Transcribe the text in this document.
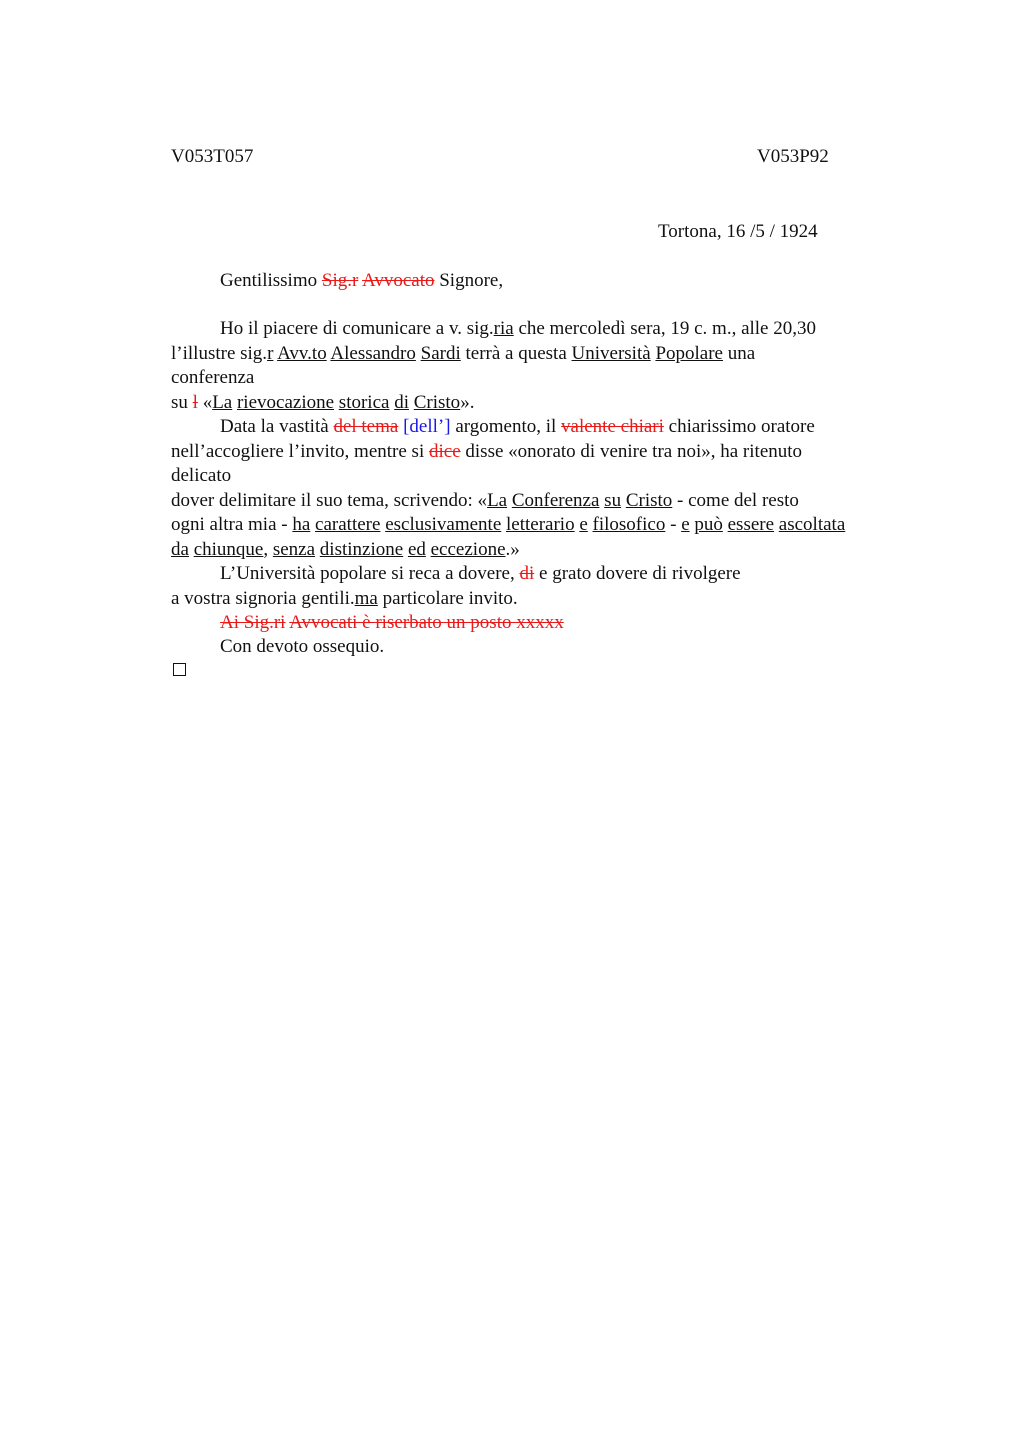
V053T057	V053P92
Tortona, 16 /5 / 1924
Gentilissimo Sig.r Avvocato Signore,
Ho il piacere di comunicare a v. sig.ria che mercoledì sera, 19 c. m., alle 20,30
l’illustre sig.r Avv.to Alessandro Sardi terrà a questa Università Popolare una
conferenza
su l «La rievocazione storica di Cristo».
Data la vastità del tema [dell’] argomento, il valente chiari chiarissimo oratore
nell’accogliere l’invito, mentre si dice disse «onorato di venire tra noi», ha ritenuto
delicato
dover delimitare il suo tema, scrivendo: «La Conferenza su Cristo - come del resto
ogni altra mia - ha carattere esclusivamente letterario e filosofico - e può essere ascoltata
da chiunque, senza distinzione ed eccezione.»
L’Università popolare si reca a dovere, di e grato dovere di rivolgere
a vostra signoria gentili.ma particolare invito.
Ai Sig.ri Avvocati è riserbato un posto xxxxx
Con devoto ossequio.
